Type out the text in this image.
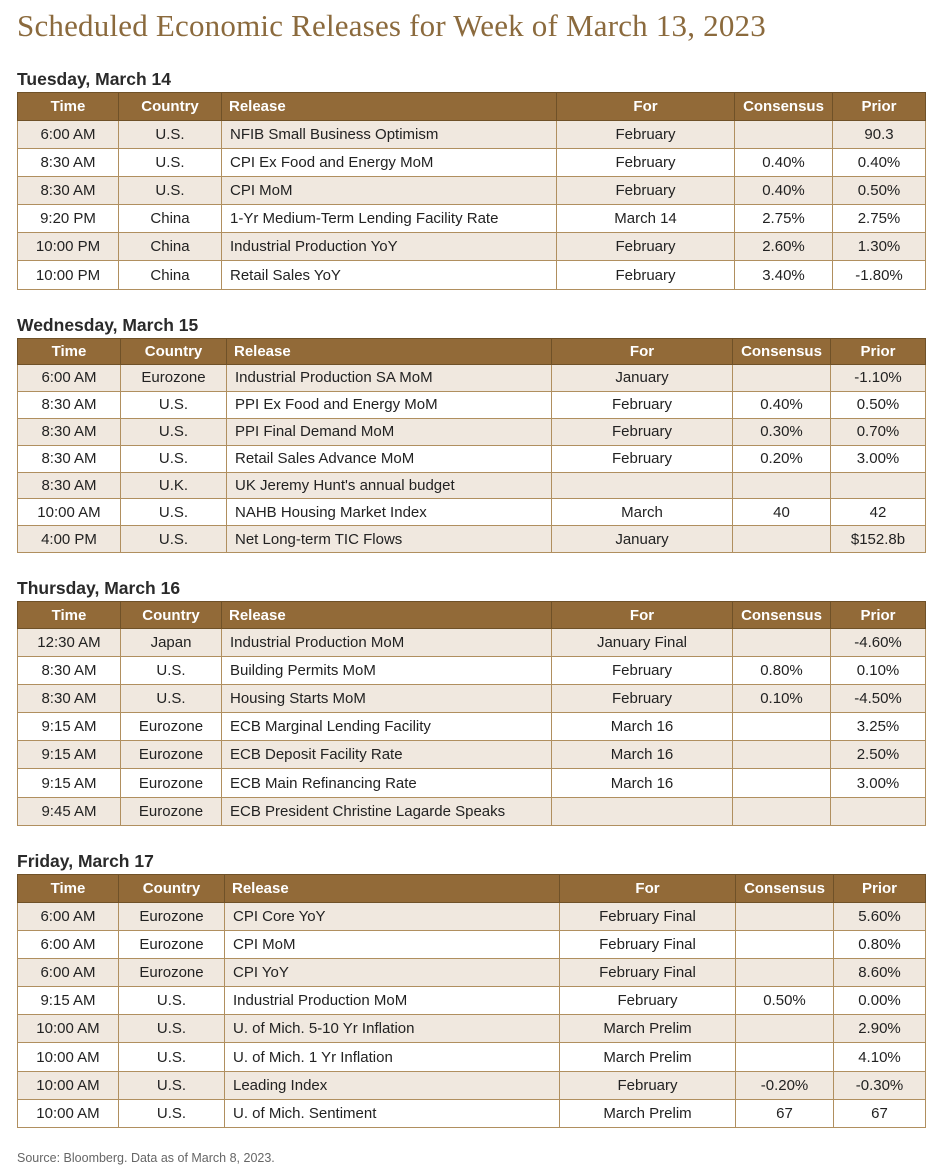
Scheduled Economic Releases for Week of March 13, 2023
Tuesday, March 14
Time	Country	Release	For	Consensus	Prior
6:00 AM	U.S.	NFIB Small Business Optimism	February		90.3
8:30 AM	U.S.	CPI Ex Food and Energy MoM	February	0.40%	0.40%
8:30 AM	U.S.	CPI MoM	February	0.40%	0.50%
9:20 PM	China	1-Yr Medium-Term Lending Facility Rate	March 14	2.75%	2.75%
10:00 PM	China	Industrial Production YoY	February	2.60%	1.30%
10:00 PM	China	Retail Sales YoY	February	3.40%	-1.80%
Wednesday, March 15
Time	Country	Release	For	Consensus	Prior
6:00 AM	Eurozone	Industrial Production SA MoM	January		-1.10%
8:30 AM	U.S.	PPI Ex Food and Energy MoM	February	0.40%	0.50%
8:30 AM	U.S.	PPI Final Demand MoM	February	0.30%	0.70%
8:30 AM	U.S.	Retail Sales Advance MoM	February	0.20%	3.00%
8:30 AM	U.K.	UK Jeremy Hunt's annual budget			
10:00 AM	U.S.	NAHB Housing Market Index	March	40	42
4:00 PM	U.S.	Net Long-term TIC Flows	January		$152.8b
Thursday, March 16
Time	Country	Release	For	Consensus	Prior
12:30 AM	Japan	Industrial Production MoM	January Final		-4.60%
8:30 AM	U.S.	Building Permits MoM	February	0.80%	0.10%
8:30 AM	U.S.	Housing Starts MoM	February	0.10%	-4.50%
9:15 AM	Eurozone	ECB Marginal Lending Facility	March 16		3.25%
9:15 AM	Eurozone	ECB Deposit Facility Rate	March 16		2.50%
9:15 AM	Eurozone	ECB Main Refinancing Rate	March 16		3.00%
9:45 AM	Eurozone	ECB President Christine Lagarde Speaks			
Friday, March 17
Time	Country	Release	For	Consensus	Prior
6:00 AM	Eurozone	CPI Core YoY	February Final		5.60%
6:00 AM	Eurozone	CPI MoM	February Final		0.80%
6:00 AM	Eurozone	CPI YoY	February Final		8.60%
9:15 AM	U.S.	Industrial Production MoM	February	0.50%	0.00%
10:00 AM	U.S.	U. of Mich. 5-10 Yr Inflation	March Prelim		2.90%
10:00 AM	U.S.	U. of Mich. 1 Yr Inflation	March Prelim		4.10%
10:00 AM	U.S.	Leading Index	February	-0.20%	-0.30%
10:00 AM	U.S.	U. of Mich. Sentiment	March Prelim	67	67
Source: Bloomberg. Data as of March 8, 2023.
